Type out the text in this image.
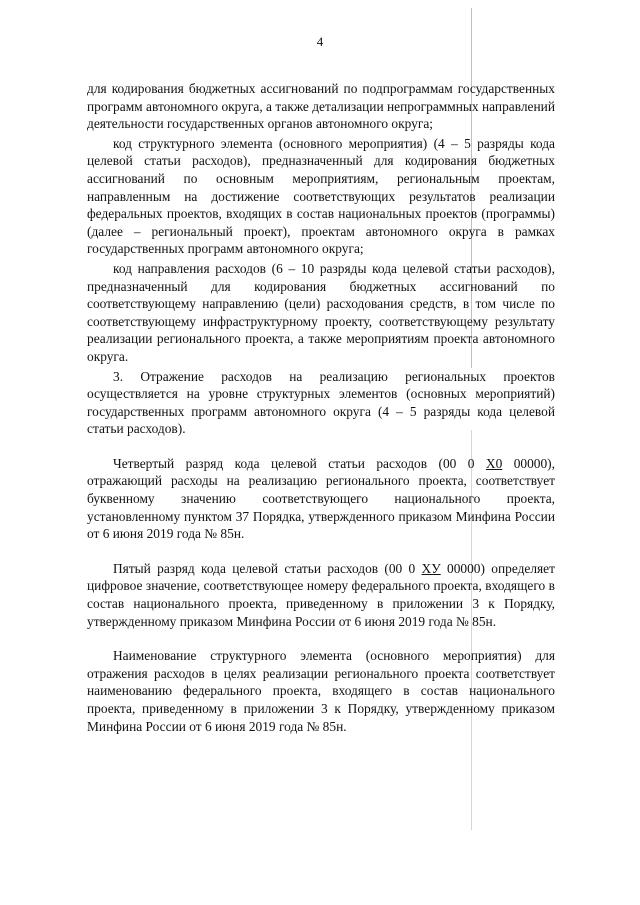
4

для кодирования бюджетных ассигнований по подпрограммам государственных программ автономного округа, а также детализации непрограммных направлений деятельности государственных органов автономного округа;

код структурного элемента (основного мероприятия) (4 – 5 разряды кода целевой статьи расходов), предназначенный для кодирования бюджетных ассигнований по основным мероприятиям, региональным проектам, направленным на достижение соответствующих результатов реализации федеральных проектов, входящих в состав национальных проектов (программы) (далее – региональный проект), проектам автономного округа в рамках государственных программ автономного округа;

код направления расходов (6 – 10 разряды кода целевой статьи расходов), предназначенный для кодирования бюджетных ассигнований по соответствующему направлению (цели) расходования средств, в том числе по соответствующему инфраструктурному проекту, соответствующему результату реализации регионального проекта, а также мероприятиям проекта автономного округа.

3. Отражение расходов на реализацию региональных проектов осуществляется на уровне структурных элементов (основных мероприятий) государственных программ автономного округа (4 – 5 разряды кода целевой статьи расходов).

Четвертый разряд кода целевой статьи расходов (00 0 Х0 00000), отражающий расходы на реализацию регионального проекта, соответствует буквенному значению соответствующего национального проекта, установленному пунктом 37 Порядка, утвержденного приказом Минфина России от 6 июня 2019 года № 85н.

Пятый разряд кода целевой статьи расходов (00 0 ХУ 00000) определяет цифровое значение, соответствующее номеру федерального проекта, входящего в состав национального проекта, приведенному в приложении 3 к Порядку, утвержденному приказом Минфина России от 6 июня 2019 года № 85н.

Наименование структурного элемента (основного мероприятия) для отражения расходов в целях реализации регионального проекта соответствует наименованию федерального проекта, входящего в состав национального проекта, приведенному в приложении 3 к Порядку, утвержденному приказом Минфина России от 6 июня 2019 года № 85н.
